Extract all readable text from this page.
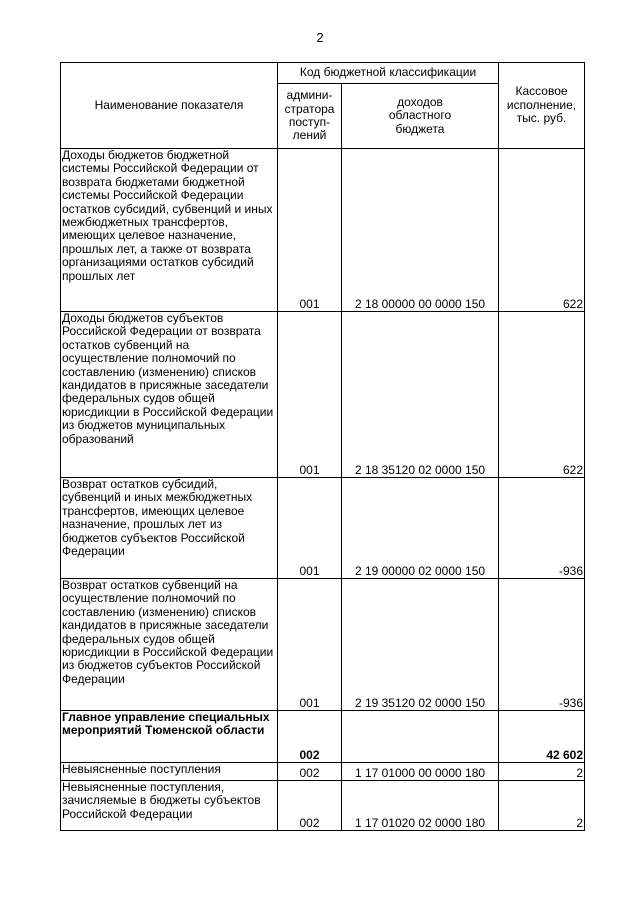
2
Наименование показателя	Код бюджетной классификации		Кассовое
исполнение,
тыс. руб.
	админи-
стратора
поступ-
лений	доходов
областного
бюджета	
Доходы бюджетов бюджетной системы Российской Федерации от возврата бюджетами бюджетной системы Российской Федерации остатков субсидий, субвенций и иных межбюджетных трансфертов, имеющих целевое назначение, прошлых лет, а также от возврата организациями остатков субсидий прошлых лет	001	2 18 00000 00 0000 150	622
Доходы бюджетов субъектов Российской Федерации от возврата остатков субвенций на осуществление полномочий по составлению (изменению) списков кандидатов в присяжные заседатели федеральных судов общей юрисдикции в Российской Федерации из бюджетов муниципальных образований	001	2 18 35120 02 0000 150	622
Возврат остатков субсидий, субвенций и иных межбюджетных трансфертов, имеющих целевое назначение, прошлых лет из бюджетов субъектов Российской Федерации	001	2 19 00000 02 0000 150	-936
Возврат остатков субвенций на осуществление полномочий по составлению (изменению) списков кандидатов в присяжные заседатели федеральных судов общей юрисдикции в Российской Федерации из бюджетов субъектов Российской Федерации	001	2 19 35120 02 0000 150	-936
Главное управление специальных мероприятий Тюменской области	002		42 602
Невыясненные поступления	002	1 17 01000 00 0000 180	2
Невыясненные поступления, зачисляемые в бюджеты субъектов Российской Федерации	002	1 17 01020 02 0000 180	2
